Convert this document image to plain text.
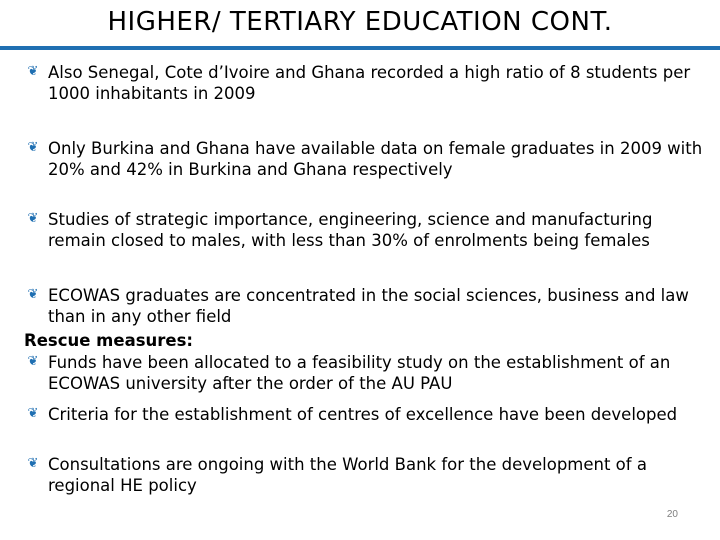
HIGHER/ TERTIARY EDUCATION CONT.
❦ Also Senegal, Cote d’Ivoire and Ghana recorded a high ratio of 8 students per 1000 inhabitants in 2009
❦ Only Burkina and Ghana have available data on female graduates in 2009 with 20% and 42% in Burkina and Ghana respectively
❦ Studies of strategic importance, engineering, science and manufacturing remain closed to males, with less than 30% of enrolments being females
❦ ECOWAS graduates are concentrated in the social sciences, business and law than in any other field
Rescue measures:
❦ Funds have been allocated to a feasibility study on the establishment of an ECOWAS university after the order of the AU PAU
❦ Criteria for the establishment of centres of excellence have been developed
❦ Consultations are ongoing with the World Bank for the development of a regional HE policy
20
